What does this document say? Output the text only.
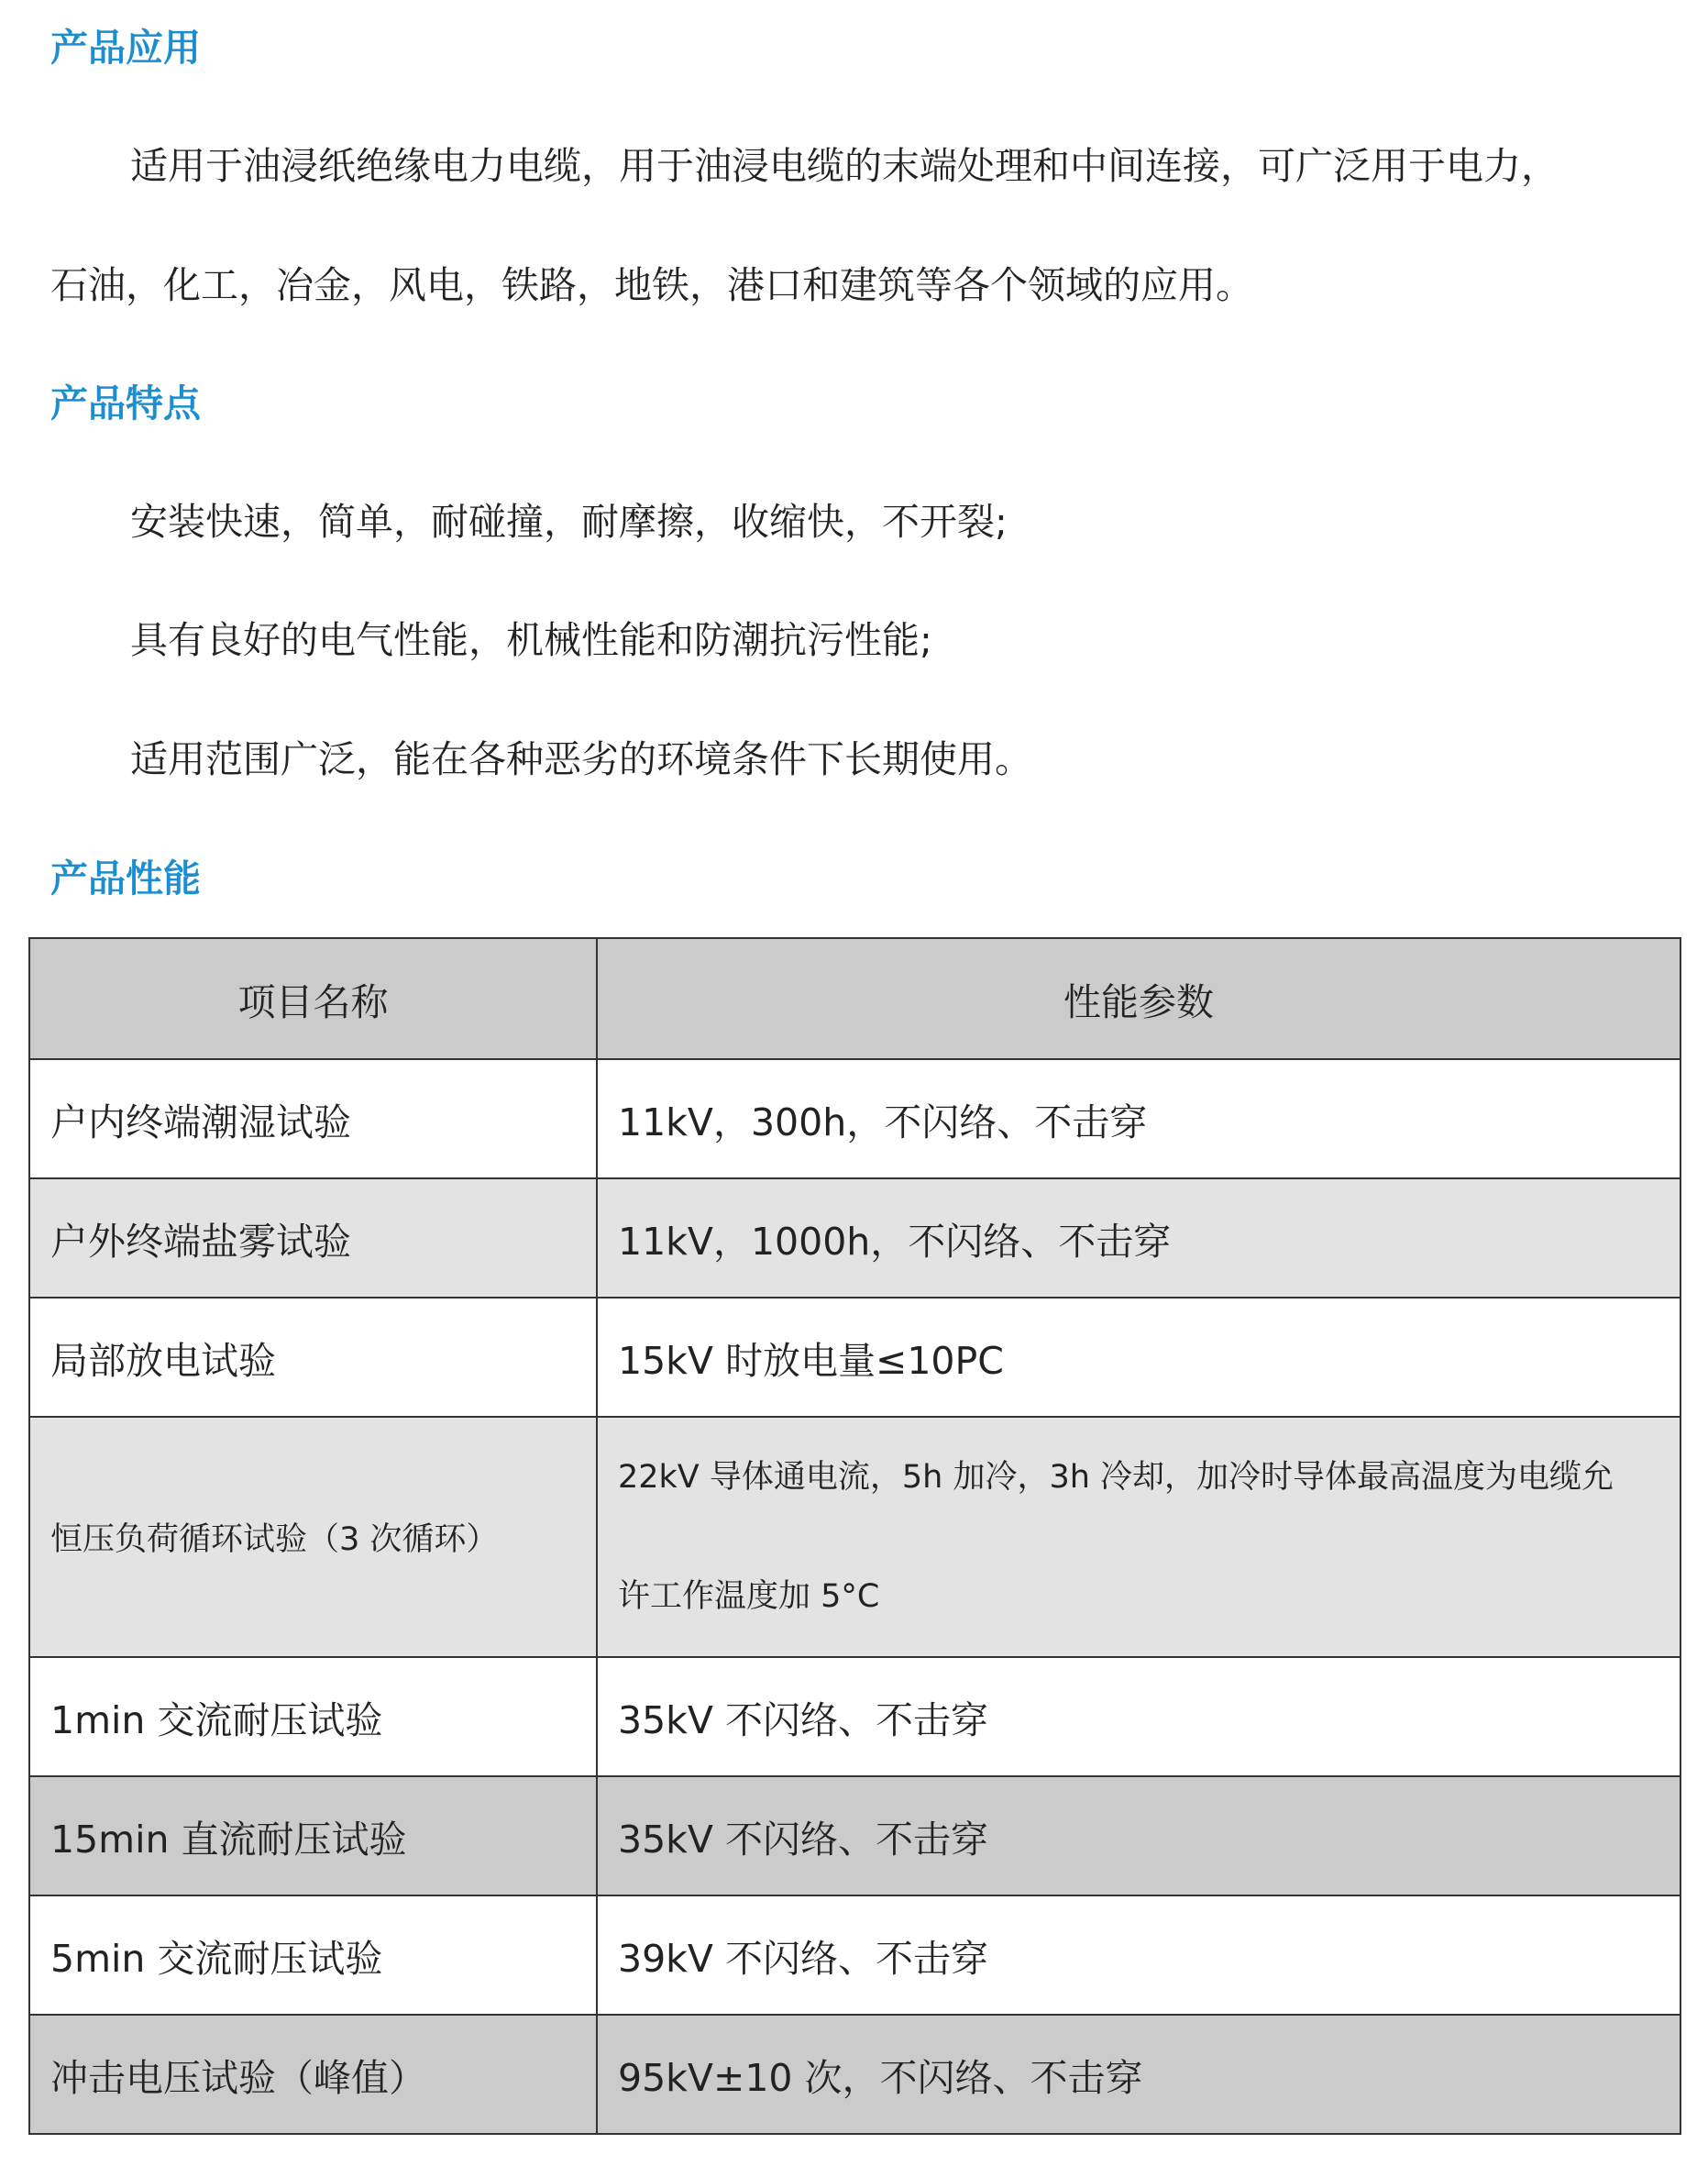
产品应用

适用于油浸纸绝缘电力电缆，用于油浸电缆的末端处理和中间连接，可广泛用于电力，

石油，化工，冶金，风电，铁路，地铁，港口和建筑等各个领域的应用。

产品特点

安装快速，简单，耐碰撞，耐摩擦，收缩快，不开裂;

具有良好的电气性能，机械性能和防潮抗污性能;

适用范围广泛，能在各种恶劣的环境条件下长期使用。

产品性能
项目名称	性能参数
户内终端潮湿试验	11kV，300h，不闪络、不击穿
户外终端盐雾试验	11kV，1000h，不闪络、不击穿
局部放电试验	15kV 时放电量≤10PC
恒压负荷循环试验（3 次循环）	22kV 导体通电流，5h 加冷，3h 冷却，加冷时导体最高温度为电缆允
许工作温度加 5°C

1min 交流耐压试验	35kV 不闪络、不击穿
15min 直流耐压试验	35kV 不闪络、不击穿
5min 交流耐压试验	39kV 不闪络、不击穿
冲击电压试验（峰值）	95kV±10 次，不闪络、不击穿
